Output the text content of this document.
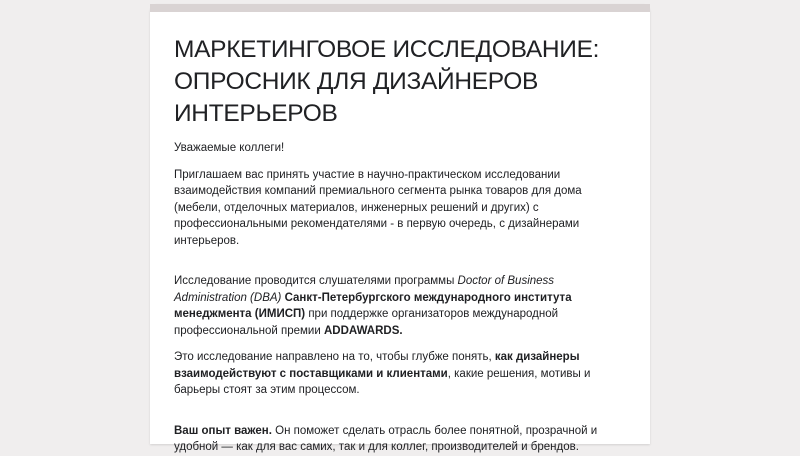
МАРКЕТИНГОВОЕ ИССЛЕДОВАНИЕ: ОПРОСНИК ДЛЯ ДИЗАЙНЕРОВ ИНТЕРЬЕРОВ

Уважаемые коллеги!

Приглашаем вас принять участие в научно-практическом исследовании взаимодействия компаний премиального сегмента рынка товаров для дома (мебели, отделочных материалов, инженерных решений и других) с профессиональными рекомендателями - в первую очередь, с дизайнерами интерьеров.

Исследование проводится слушателями программы Doctor of Business Administration (DBA) Санкт-Петербургского международного института менеджмента (ИМИСП) при поддержке организаторов международной профессиональной премии ADDAWARDS.

Это исследование направлено на то, чтобы глубже понять, как дизайнеры взаимодействуют с поставщиками и клиентами, какие решения, мотивы и барьеры стоят за этим процессом.

Ваш опыт важен. Он поможет сделать отрасль более понятной, прозрачной и удобной — как для вас самих, так и для коллег, производителей и брендов.
